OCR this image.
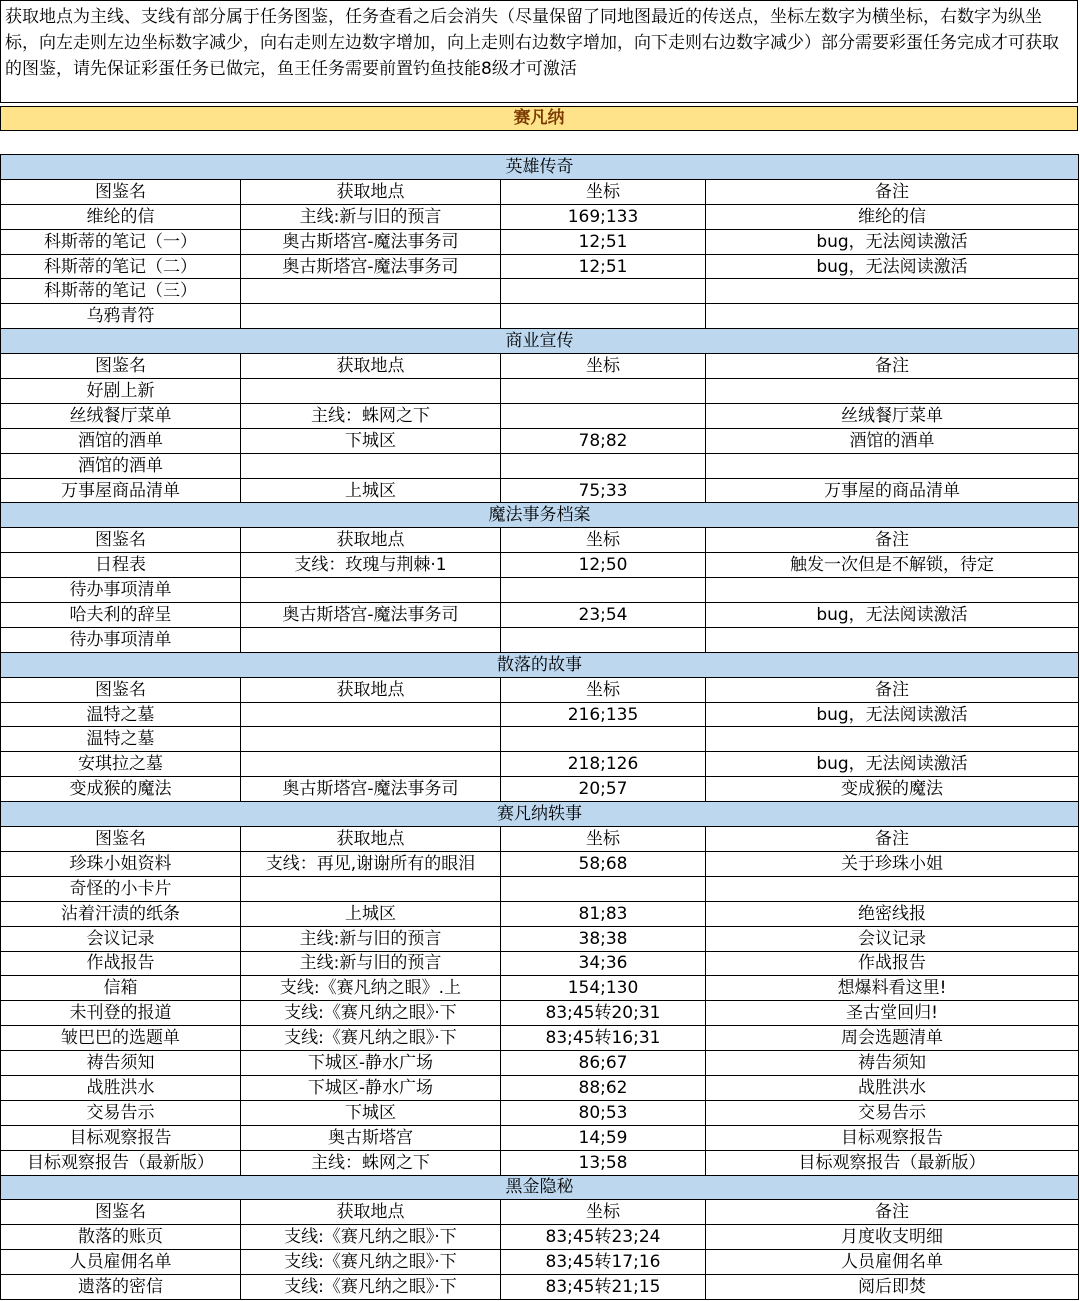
获取地点为主线、支线有部分属于任务图鉴，任务查看之后会消失（尽量保留了同地图最近的传送点，坐标左数字为横坐标，右数字为纵坐标，向左走则左边坐标数字减少，向右走则左边数字增加，向上走则右边数字增加，向下走则右边数字减少）部分需要彩蛋任务完成才可获取的图鉴，请先保证彩蛋任务已做完，鱼王任务需要前置钓鱼技能8级才可激活
赛凡纳
英雄传奇			
图鉴名	获取地点	坐标	备注
维纶的信	主线:新与旧的预言	169;133	维纶的信
科斯蒂的笔记（一）	奥古斯塔宫-魔法事务司	12;51	bug，无法阅读激活
科斯蒂的笔记（二）	奥古斯塔宫-魔法事务司	12;51	bug，无法阅读激活
科斯蒂的笔记（三）			
乌鸦青符			
商业宣传			
图鉴名	获取地点	坐标	备注
好剧上新			
丝绒餐厅菜单	主线：蛛网之下		丝绒餐厅菜单
酒馆的酒单	下城区	78;82	酒馆的酒单
酒馆的酒单			
万事屋商品清单	上城区	75;33	万事屋的商品清单
魔法事务档案			
图鉴名	获取地点	坐标	备注
日程表	支线：玫瑰与荆棘·1	12;50	触发一次但是不解锁，待定
待办事项清单			
哈夫利的辞呈	奥古斯塔宫-魔法事务司	23;54	bug，无法阅读激活
待办事项清单			
散落的故事			
图鉴名	获取地点	坐标	备注
温特之墓		216;135	bug，无法阅读激活
温特之墓			
安琪拉之墓		218;126	bug，无法阅读激活
变成猴的魔法	奥古斯塔宫-魔法事务司	20;57	变成猴的魔法
赛凡纳轶事			
图鉴名	获取地点	坐标	备注
珍珠小姐资料	支线：再见,谢谢所有的眼泪	58;68	关于珍珠小姐
奇怪的小卡片			
沾着汗渍的纸条	上城区	81;83	绝密线报
会议记录	主线:新与旧的预言	38;38	会议记录
作战报告	主线:新与旧的预言	34;36	作战报告
信箱	支线:《赛凡纳之眼》.上	154;130	想爆料看这里!
未刊登的报道	支线:《赛凡纳之眼》·下	83;45转20;31	圣古堂回归!
皱巴巴的选题单	支线:《赛凡纳之眼》·下	83;45转16;31	周会选题清单
祷告须知	下城区-静水广场	86;67	祷告须知
战胜洪水	下城区-静水广场	88;62	战胜洪水
交易告示	下城区	80;53	交易告示
目标观察报告	奥古斯塔宫	14;59	目标观察报告
目标观察报告（最新版）	主线：蛛网之下	13;58	目标观察报告（最新版）
黑金隐秘			
图鉴名	获取地点	坐标	备注
散落的账页	支线:《赛凡纳之眼》·下	83;45转23;24	月度收支明细
人员雇佣名单	支线:《赛凡纳之眼》·下	83;45转17;16	人员雇佣名单
遗落的密信	支线:《赛凡纳之眼》·下	83;45转21;15	阅后即焚
